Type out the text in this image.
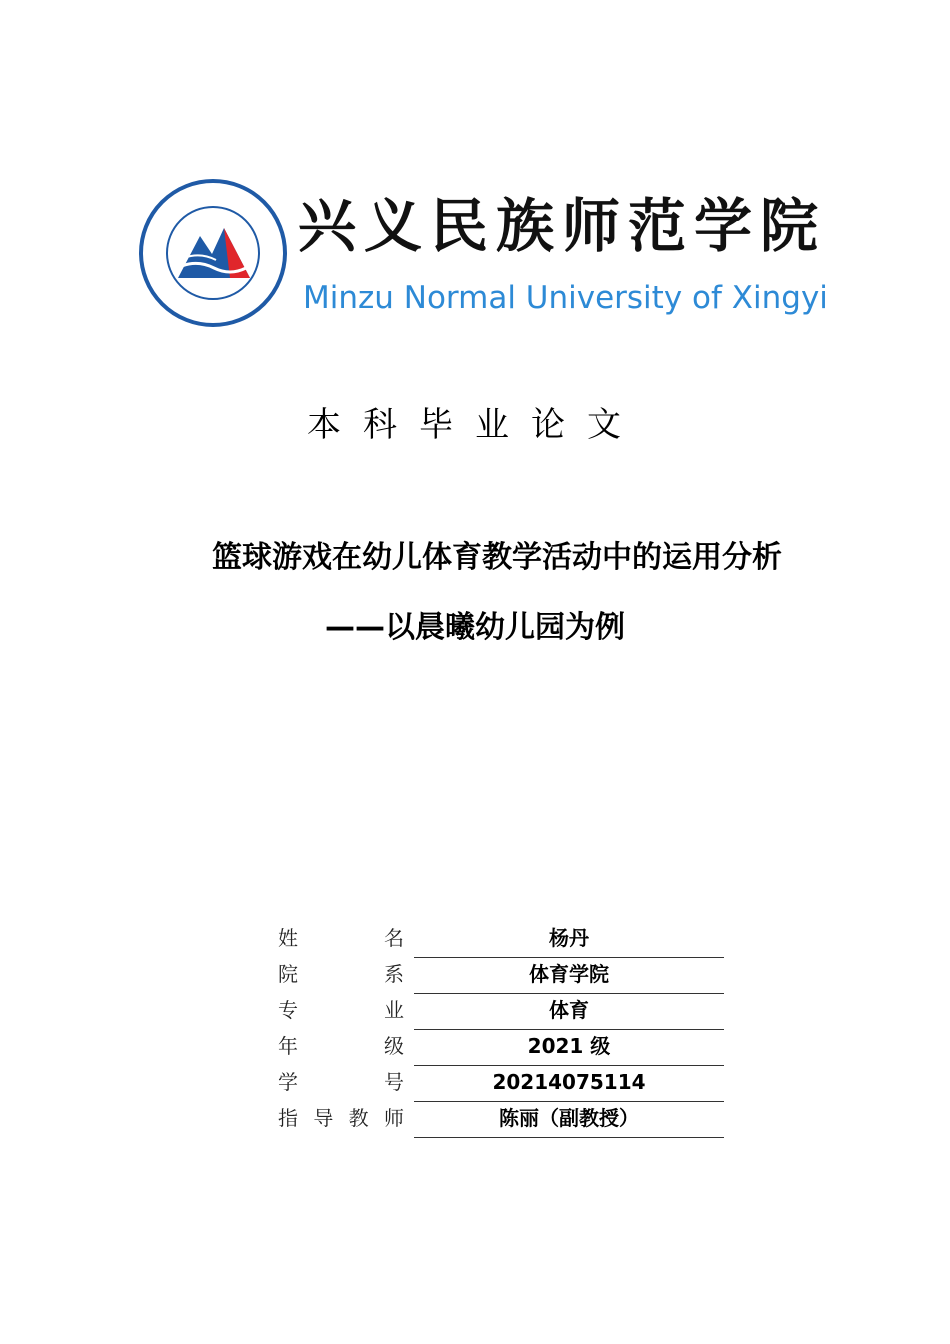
兴义民族师范学院
Minzu Normal University of Xingyi
本科毕业论文
篮球游戏在幼儿体育教学活动中的运用分析
——以晨曦幼儿园为例
姓	名	杨丹
院	系	体育学院
专	业	体育
年	级	2021 级
学	号	20214075114
指 导 教 师	陈丽（副教授）
